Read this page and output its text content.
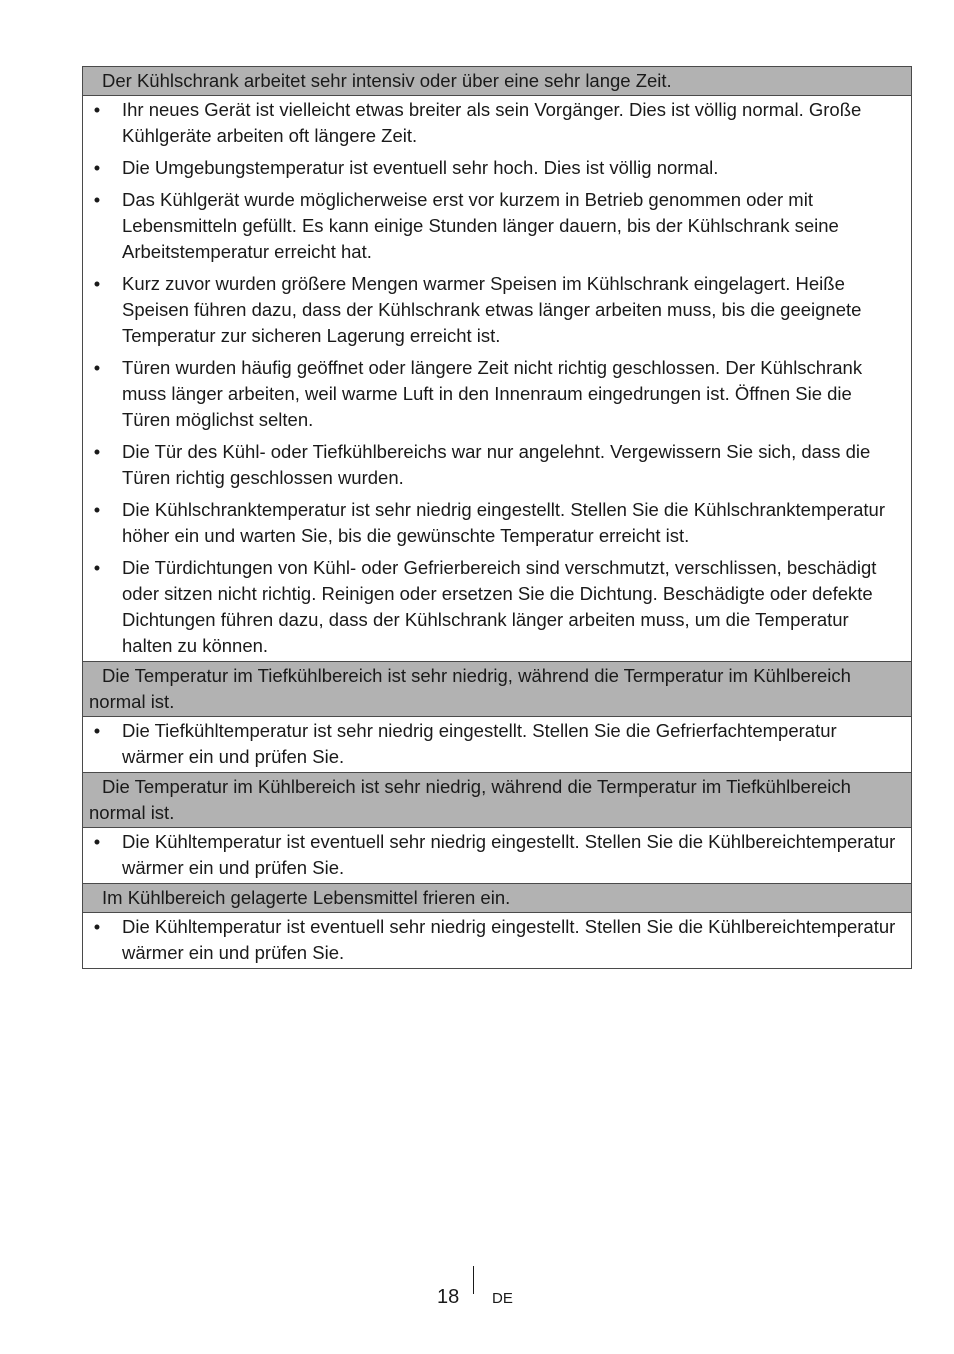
Der Kühlschrank arbeitet sehr intensiv oder über eine sehr lange Zeit.
• Ihr neues Gerät ist vielleicht etwas breiter als sein Vorgänger. Dies ist völlig normal. Große Kühlgeräte arbeiten oft längere Zeit.
• Die Umgebungstemperatur ist eventuell sehr hoch. Dies ist völlig normal.
• Das Kühlgerät wurde möglicherweise erst vor kurzem in Betrieb genommen oder mit Lebensmitteln gefüllt. Es kann einige Stunden länger dauern, bis der Kühlschrank seine Arbeitstemperatur erreicht hat.
• Kurz zuvor wurden größere Mengen warmer Speisen im Kühlschrank eingelagert. Heiße Speisen führen dazu, dass der Kühlschrank etwas länger arbeiten muss, bis die geeignete Temperatur zur sicheren Lagerung erreicht ist.
• Türen wurden häufig geöffnet oder längere Zeit nicht richtig geschlossen. Der Kühlschrank muss länger arbeiten, weil warme Luft in den Innenraum eingedrungen ist. Öffnen Sie die Türen möglichst selten.
• Die Tür des Kühl- oder Tiefkühlbereichs war nur angelehnt. Vergewissern Sie sich, dass die Türen richtig geschlossen wurden.
• Die Kühlschranktemperatur ist sehr niedrig eingestellt. Stellen Sie die Kühlschranktemperatur höher ein und warten Sie, bis die gewünschte Temperatur erreicht ist.
• Die Türdichtungen von Kühl- oder Gefrierbereich sind verschmutzt, verschlissen, beschädigt oder sitzen nicht richtig. Reinigen oder ersetzen Sie die Dichtung. Beschädigte oder defekte Dichtungen führen dazu, dass der Kühlschrank länger arbeiten muss, um die Temperatur halten zu können.
Die Temperatur im Tiefkühlbereich ist sehr niedrig, während die Termperatur im Kühlbereich normal ist.
• Die Tiefkühltemperatur ist sehr niedrig eingestellt. Stellen Sie die Gefrierfachtemperatur wärmer ein und prüfen Sie.
Die Temperatur im Kühlbereich ist sehr niedrig, während die Termperatur im Tiefkühlbereich normal ist.
• Die Kühltemperatur ist eventuell sehr niedrig eingestellt. Stellen Sie die Kühlbereichtemperatur wärmer ein und prüfen Sie.
Im Kühlbereich gelagerte Lebensmittel frieren ein.
• Die Kühltemperatur ist eventuell sehr niedrig eingestellt. Stellen Sie die Kühlbereichtemperatur wärmer ein und prüfen Sie.
18 DE
